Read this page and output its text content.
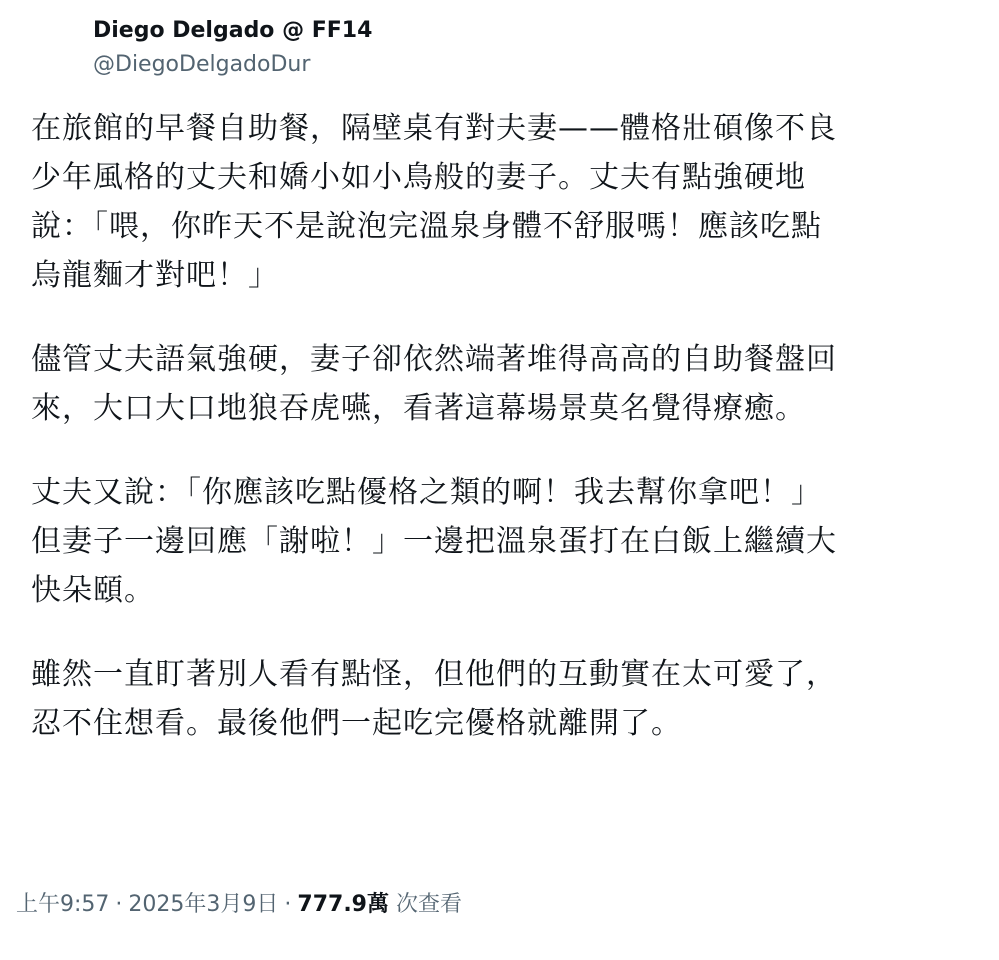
Diego Delgado @ FF14
@DiegoDelgadoDur

在旅館的早餐自助餐，隔壁桌有對夫妻——體格壯碩像不良
少年風格的丈夫和嬌小如小鳥般的妻子。丈夫有點強硬地
說：「喂，你昨天不是說泡完溫泉身體不舒服嗎！應該吃點
烏龍麵才對吧！」

儘管丈夫語氣強硬，妻子卻依然端著堆得高高的自助餐盤回
來，大口大口地狼吞虎嚥，看著這幕場景莫名覺得療癒。

丈夫又說：「你應該吃點優格之類的啊！我去幫你拿吧！」
但妻子一邊回應「謝啦！」一邊把溫泉蛋打在白飯上繼續大
快朵頤。

雖然一直盯著別人看有點怪，但他們的互動實在太可愛了，
忍不住想看。最後他們一起吃完優格就離開了。

上午9:57 · 2025年3月9日 · 777.9萬 次查看
